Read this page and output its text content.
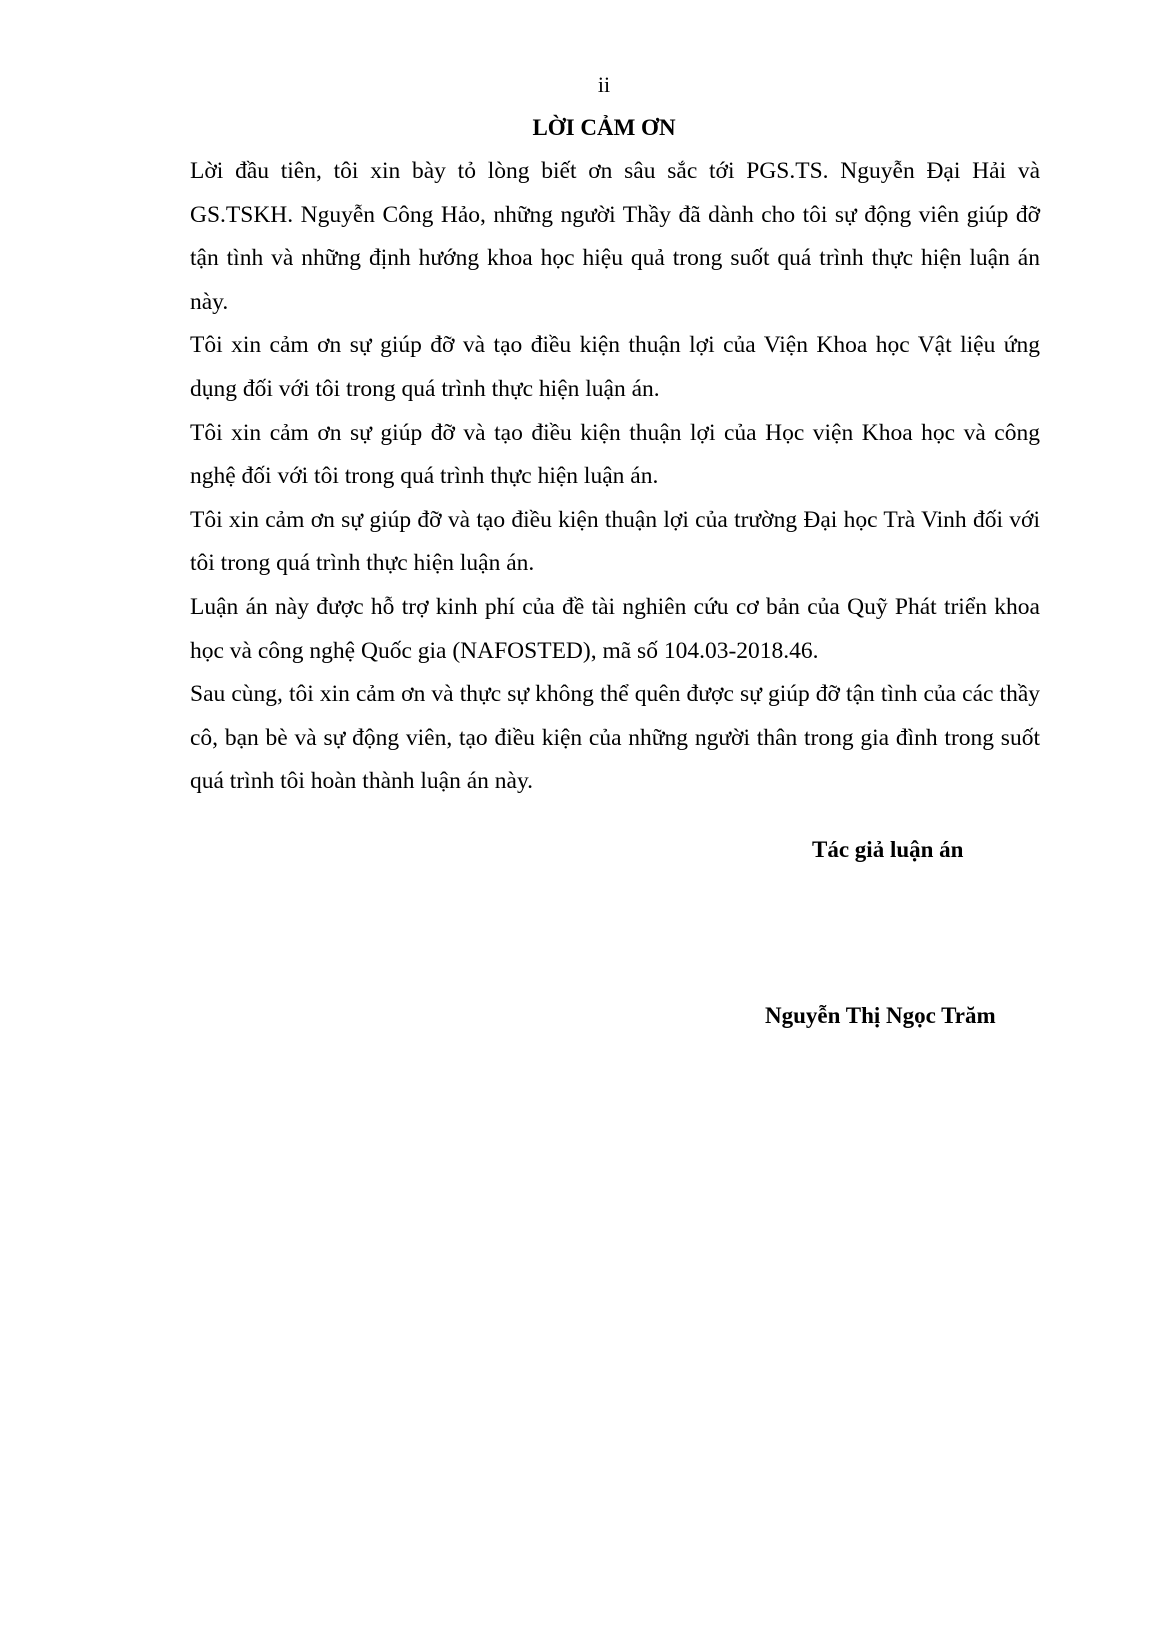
ii
LỜI CẢM ƠN

Lời đầu tiên, tôi xin bày tỏ lòng biết ơn sâu sắc tới PGS.TS. Nguyễn Đại Hải và GS.TSKH. Nguyễn Công Hảo, những người Thầy đã dành cho tôi sự động viên giúp đỡ tận tình và những định hướng khoa học hiệu quả trong suốt quá trình thực hiện luận án này.

Tôi xin cảm ơn sự giúp đỡ và tạo điều kiện thuận lợi của Viện Khoa học Vật liệu ứng dụng đối với tôi trong quá trình thực hiện luận án.

Tôi xin cảm ơn sự giúp đỡ và tạo điều kiện thuận lợi của Học viện Khoa học và công nghệ đối với tôi trong quá trình thực hiện luận án.

Tôi xin cảm ơn sự giúp đỡ và tạo điều kiện thuận lợi của trường Đại học Trà Vinh đối với tôi trong quá trình thực hiện luận án.

Luận án này được hỗ trợ kinh phí của đề tài nghiên cứu cơ bản của Quỹ Phát triển khoa học và công nghệ Quốc gia (NAFOSTED), mã số 104.03-2018.46.

Sau cùng, tôi xin cảm ơn và thực sự không thể quên được sự giúp đỡ tận tình của các thầy cô, bạn bè và sự động viên, tạo điều kiện của những người thân trong gia đình trong suốt quá trình tôi hoàn thành luận án này.

Tác giả luận án
Nguyễn Thị Ngọc Trăm
